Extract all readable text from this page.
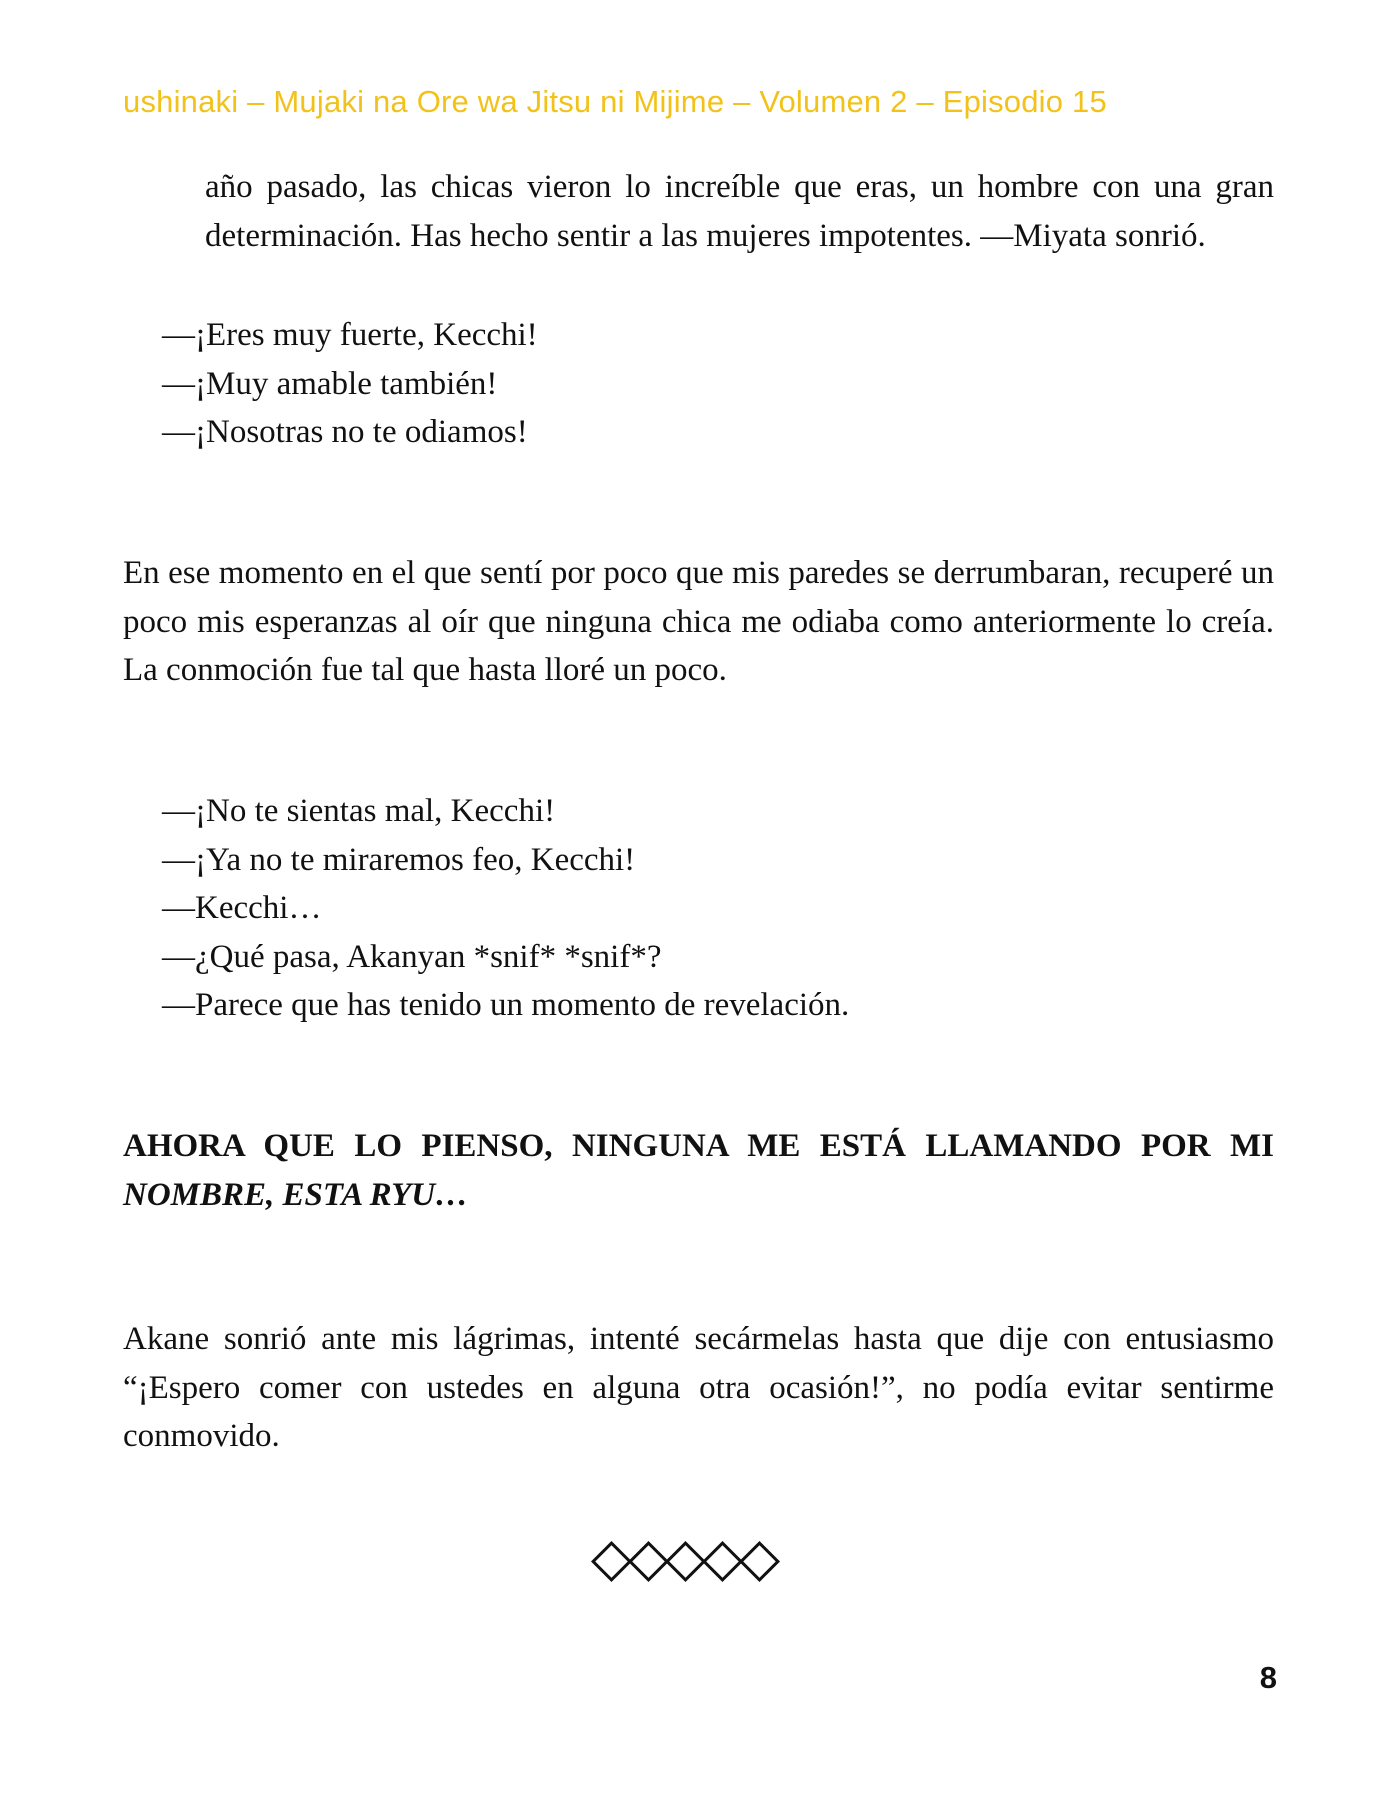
ushinaki – Mujaki na Ore wa Jitsu ni Mijime – Volumen 2 – Episodio 15
año pasado, las chicas vieron lo increíble que eras, un hombre con una gran determinación. Has hecho sentir a las mujeres impotentes. —Miyata sonrió.
—¡Eres muy fuerte, Kecchi!
—¡Muy amable también!
—¡Nosotras no te odiamos!
En ese momento en el que sentí por poco que mis paredes se derrumbaran, recuperé un poco mis esperanzas al oír que ninguna chica me odiaba como anteriormente lo creía. La conmoción fue tal que hasta lloré un poco.
—¡No te sientas mal, Kecchi!
—¡Ya no te miraremos feo, Kecchi!
—Kecchi…
—¿Qué pasa, Akanyan *snif* *snif*?
—Parece que has tenido un momento de revelación.
AHORA QUE LO PIENSO, NINGUNA ME ESTÁ LLAMANDO POR MI
NOMBRE, ESTA RYU…
Akane sonrió ante mis lágrimas, intenté secármelas hasta que dije con entusiasmo “¡Espero comer con ustedes en alguna otra ocasión!”, no podía evitar sentirme conmovido.
8
